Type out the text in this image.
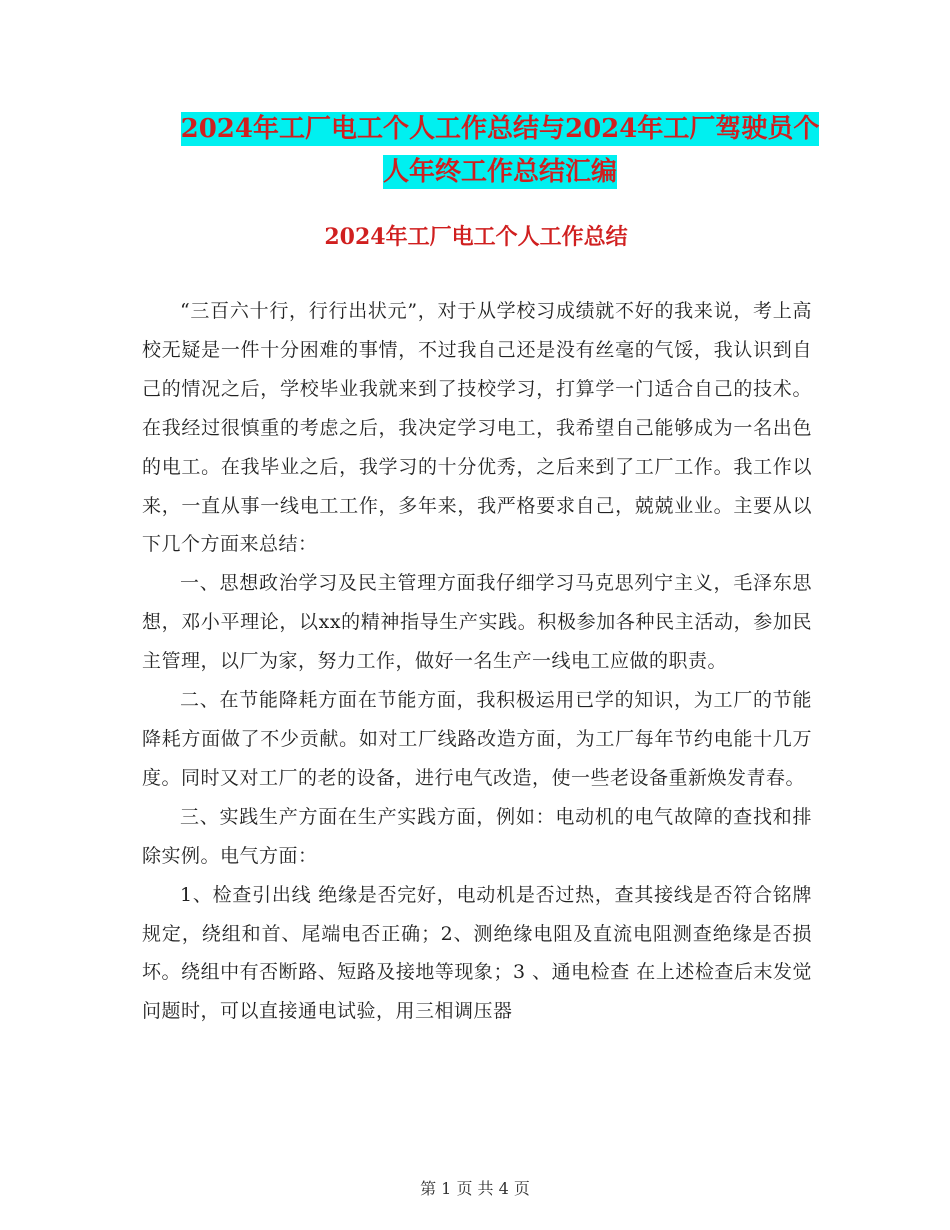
2024年工厂电工个人工作总结与2024年工厂驾驶员个
人年终工作总结汇编
2024年工厂电工个人工作总结

“三百六十行，行行出状元”，对于从学校习成绩就不好的我来说，考上高校无疑是一件十分困难的事情，不过我自己还是没有丝毫的气馁，我认识到自己的情况之后，学校毕业我就来到了技校学习，打算学一门适合自己的技术。在我经过很慎重的考虑之后，我决定学习电工，我希望自己能够成为一名出色的电工。在我毕业之后，我学习的十分优秀，之后来到了工厂工作。我工作以来，一直从事一线电工工作，多年来，我严格要求自己，兢兢业业。主要从以下几个方面来总结：

一、思想政治学习及民主管理方面我仔细学习马克思列宁主义，毛泽东思想，邓小平理论，以xx的精神指导生产实践。积极参加各种民主活动，参加民主管理，以厂为家，努力工作，做好一名生产一线电工应做的职责。

二、在节能降耗方面在节能方面，我积极运用已学的知识，为工厂的节能降耗方面做了不少贡献。如对工厂线路改造方面，为工厂每年节约电能十几万度。同时又对工厂的老的设备，进行电气改造，使一些老设备重新焕发青春。

三、实践生产方面在生产实践方面，例如：电动机的电气故障的查找和排除实例。电气方面：

1、检查引出线 绝缘是否完好，电动机是否过热，查其接线是否符合铭牌规定，绕组和首、尾端电否正确；2、测绝缘电阻及直流电阻测查绝缘是否损坏。绕组中有否断路、短路及接地等现象；3 、通电检查 在上述检查后末发觉问题时，可以直接通电试验，用三相调压器

第 1 页 共 4 页
